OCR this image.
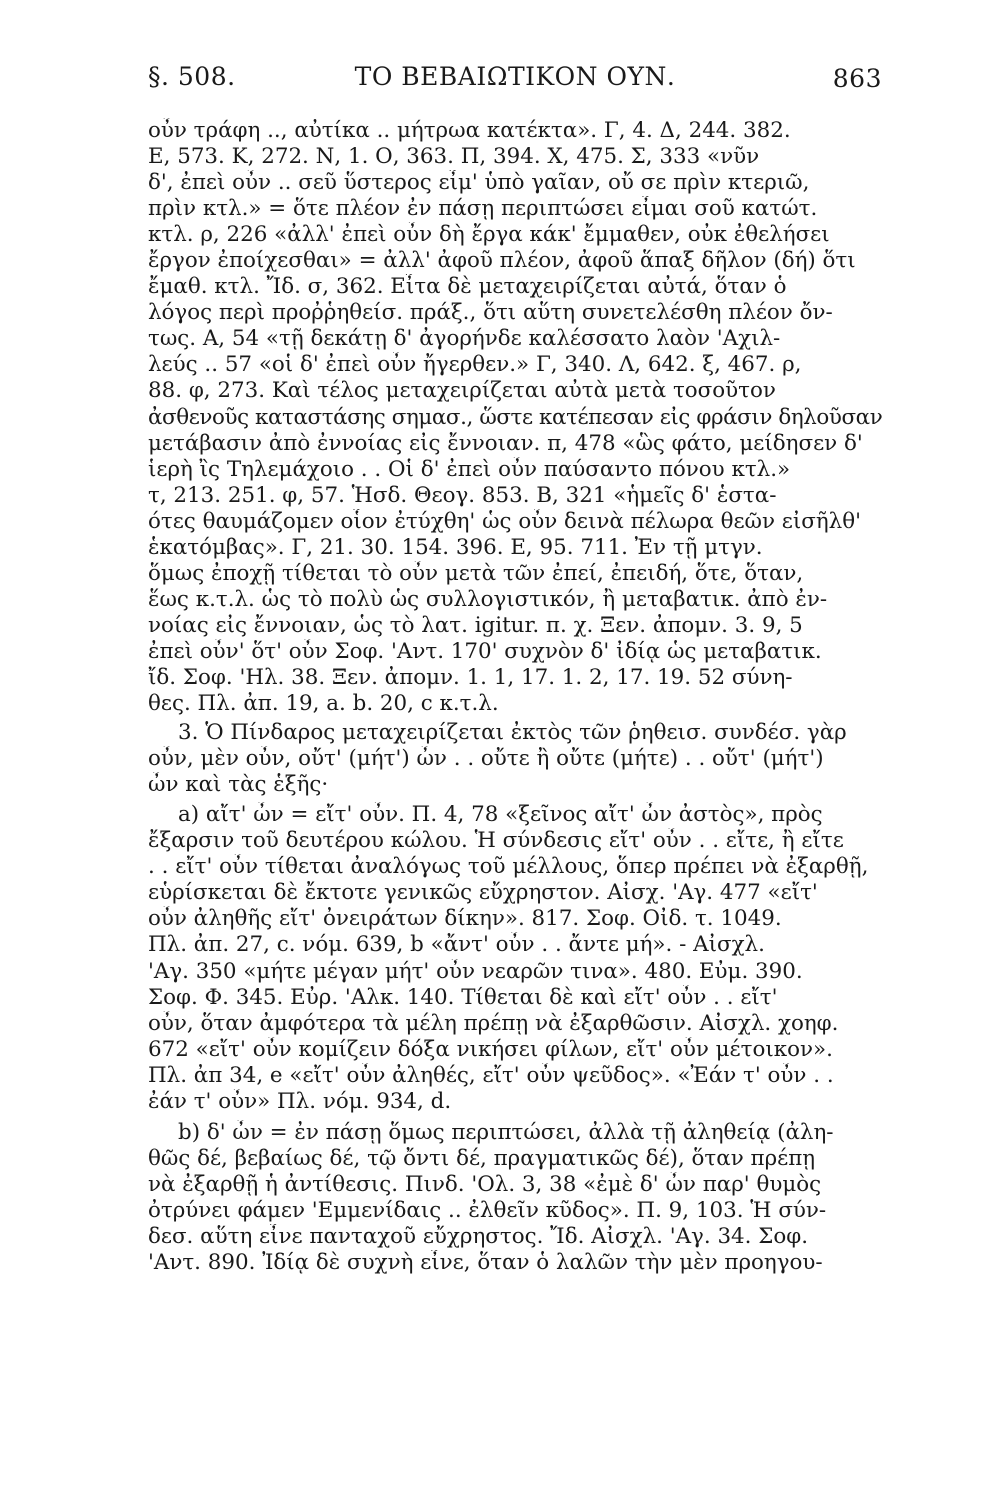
§. 508.	ΤΟ ΒΕΒΑΙΩΤΙΚΟΝ ΟΥΝ.	863
οὖν τράφη .., αὐτίκα .. μήτρωα κατέκτα». Γ, 4. Δ, 244. 382.
Ε, 573. Κ, 272. Ν, 1. Ο, 363. Π, 394. Χ, 475. Σ, 333 «νῦν
δ', ἐπεὶ οὖν .. σεῦ ὕστερος εἶμ' ὑπὸ γαῖαν, οὔ σε πρὶν κτεριῶ,
πρὶν κτλ.» = ὅτε πλέον ἐν πάσῃ περιπτώσει εἶμαι σοῦ κατώτ.
κτλ. ρ, 226 «ἀλλ' ἐπεὶ οὖν δὴ ἔργα κάκ' ἔμμαθεν, οὐκ ἐθελήσει
ἔργον ἐποίχεσθαι» = ἀλλ' ἀφοῦ πλέον, ἀφοῦ ἅπαξ δῆλον (δή) ὅτι
ἔμαθ. κτλ. Ἴδ. σ, 362. Εἶτα δὲ μεταχειρίζεται αὐτά, ὅταν ὁ
λόγος περὶ προῤῥηθείσ. πράξ., ὅτι αὕτη συνετελέσθη πλέον ὄν-
τως. Α, 54 «τῇ δεκάτῃ δ' ἀγορήνδε καλέσσατο λαὸν 'Αχιλ-
λεύς .. 57 «οἱ δ' ἐπεὶ οὖν ἤγερθεν.» Γ, 340. Λ, 642. ξ, 467. ρ,
88. φ, 273. Καὶ τέλος μεταχειρίζεται αὐτὰ μετὰ τοσοῦτον
ἀσθενοῦς καταστάσης σημασ., ὥστε κατέπεσαν εἰς φράσιν δηλοῦσαν
μετάβασιν ἀπὸ ἐννοίας εἰς ἔννοιαν. π, 478 «ὣς φάτο, μείδησεν δ'
ἱερὴ ἲς Τηλεμάχοιο . . Οἱ δ' ἐπεὶ οὖν παύσαντο πόνου κτλ.»
τ, 213. 251. φ, 57. Ἡσδ. Θεογ. 853. Β, 321 «ἡμεῖς δ' ἑστα-
ότες θαυμάζομεν οἷον ἐτύχθη' ὡς οὖν δεινὰ πέλωρα θεῶν εἰσῆλθ'
ἑκατόμβας». Γ, 21. 30. 154. 396. Ε, 95. 711. Ἐν τῇ μτγν.
ὅμως ἐποχῇ τίθεται τὸ οὖν μετὰ τῶν ἐπεί, ἐπειδή, ὅτε, ὅταν,
ἕως κ.τ.λ. ὡς τὸ πολὺ ὡς συλλογιστικόν, ἢ μεταβατικ. ἀπὸ ἐν-
νοίας εἰς ἔννοιαν, ὡς τὸ λατ. igitur. π. χ. Ξεν. ἀπομν. 3. 9, 5
ἐπεὶ οὖν' ὅτ' οὖν Σοφ. 'Αντ. 170' συχνὸν δ' ἰδίᾳ ὡς μεταβατικ.
ἴδ. Σοφ. 'Ηλ. 38. Ξεν. ἀπομν. 1. 1, 17. 1. 2, 17. 19. 52 σύνη-
θες. Πλ. ἀπ. 19, a. b. 20, c κ.τ.λ.
3. Ὁ Πίνδαρος μεταχειρίζεται ἐκτὸς τῶν ῥηθεισ. συνδέσ. γὰρ
οὖν, μὲν οὖν, οὔτ' (μήτ') ὦν . . οὔτε ἢ οὔτε (μήτε) . . οὔτ' (μήτ')
ὦν καὶ τὰς ἑξῆς·
a) αἴτ' ὦν = εἴτ' οὖν. Π. 4, 78 «ξεῖνος αἴτ' ὦν ἀστὸς», πρὸς
ἔξαρσιν τοῦ δευτέρου κώλου. Ἡ σύνδεσις εἴτ' οὖν . . εἴτε, ἢ εἴτε
. . εἴτ' οὖν τίθεται ἀναλόγως τοῦ μέλλους, ὅπερ πρέπει νὰ ἐξαρθῇ,
εὑρίσκεται δὲ ἔκτοτε γενικῶς εὔχρηστον. Αἰσχ. 'Αγ. 477 «εἴτ'
οὖν ἀληθῆς εἴτ' ὀνειράτων δίκην». 817. Σοφ. Οἰδ. τ. 1049.
Πλ. ἀπ. 27, c. νόμ. 639, b «ἄντ' οὖν . . ἄντε μή». - Αἰσχλ.
'Αγ. 350 «μήτε μέγαν μήτ' οὖν νεαρῶν τινα». 480. Εὐμ. 390.
Σοφ. Φ. 345. Εὐρ. 'Αλκ. 140. Τίθεται δὲ καὶ εἴτ' οὖν . . εἴτ'
οὖν, ὅταν ἀμφότερα τὰ μέλη πρέπῃ νὰ ἐξαρθῶσιν. Αἰσχλ. χοηφ.
672 «εἴτ' οὖν κομίζειν δόξα νικήσει φίλων, εἴτ' οὖν μέτοικον».
Πλ. ἀπ 34, e «εἴτ' οὖν ἀληθές, εἴτ' οὖν ψεῦδος». «Ἐάν τ' οὖν . .
ἐάν τ' οὖν» Πλ. νόμ. 934, d.
b) δ' ὦν = ἐν πάσῃ ὅμως περιπτώσει, ἀλλὰ τῇ ἀληθείᾳ (ἀλη-
θῶς δέ, βεβαίως δέ, τῷ ὄντι δέ, πραγματικῶς δέ), ὅταν πρέπῃ
νὰ ἐξαρθῇ ἡ ἀντίθεσις. Πινδ. 'Ολ. 3, 38 «ἐμὲ δ' ὦν παρ' θυμὸς
ὀτρύνει φάμεν 'Εμμενίδαις .. ἐλθεῖν κῦδος». Π. 9, 103. Ἡ σύν-
δεσ. αὕτη εἶνε πανταχοῦ εὔχρηστος. Ἴδ. Αἰσχλ. 'Αγ. 34. Σοφ.
'Αντ. 890. Ἰδίᾳ δὲ συχνὴ εἶνε, ὅταν ὁ λαλῶν τὴν μὲν προηγου-
